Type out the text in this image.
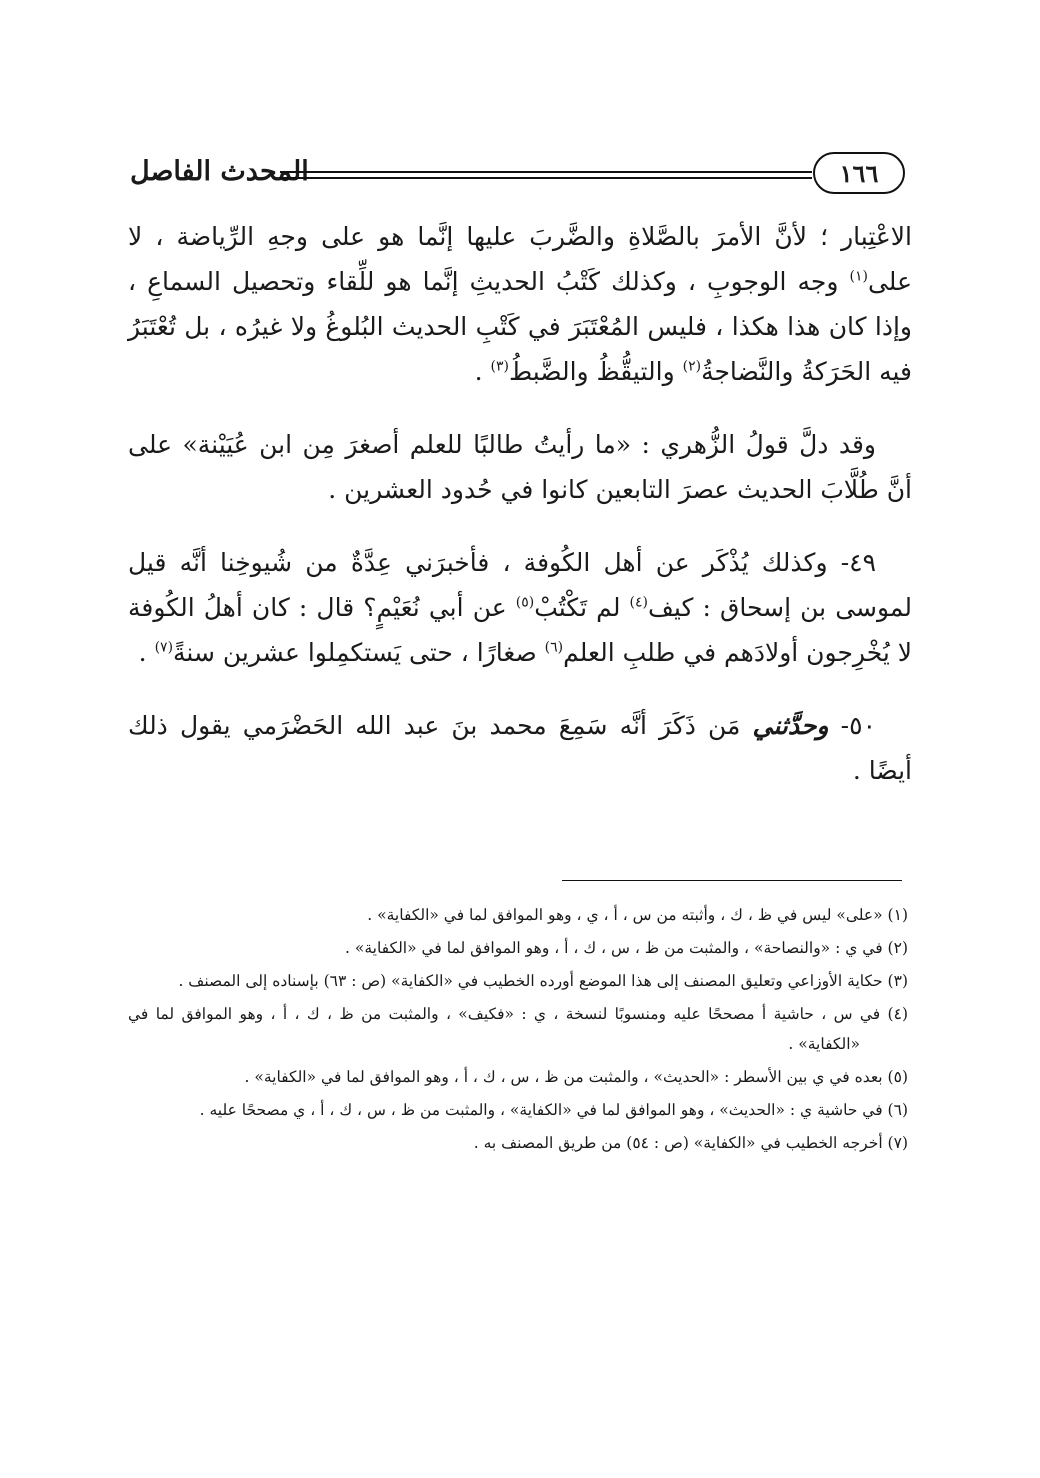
المحدث الفاصل	١٦٦

الاعْتِبار ؛ لأنَّ الأمرَ بالصَّلاةِ والضَّربَ عليها إنَّما هو على وجهِ الرِّياضة ، لا على$^{(١)}$ وجه الوجوبِ ، وكذلك كَتْبُ الحديثِ إنَّما هو للِّقاء وتحصيل السماعِ ، وإذا كان هذا هكذا ، فليس المُعْتَبَرَ في كَتْبِ الحديث البُلوغُ ولا غيرُه ، بل تُعْتَبَرُ فيه الحَرَكةُ والنَّضاجةُ$^{(٢)}$ والتيقُّظُ والضَّبطُ$^{(٣)}$ .

وقد دلَّ قولُ الزُّهري : «ما رأيتُ طالبًا للعلم أصغرَ مِن ابن عُيَيْنة» على أنَّ طُلَّابَ الحديث عصرَ التابعين كانوا في حُدود العشرين .

٤٩- وكذلك يُذْكَر عن أهل الكُوفة ، فأخبرَني عِدَّةٌ من شُيوخِنا أنَّه قيل لموسى بن إسحاق : كيف$^{(٤)}$ لم تَكْتُبْ$^{(٥)}$ عن أبي نُعَيْمٍ؟ قال : كان أهلُ الكُوفة لا يُخْرِجون أولادَهم في طلبِ العلم$^{(٦)}$ صغارًا ، حتى يَستكمِلوا عشرين سنةً$^{(٧)}$ .

٥٠- وحدَّثني مَن ذَكَرَ أنَّه سَمِعَ محمد بنَ عبد الله الحَضْرَمي يقول ذلك أيضًا .

(١) «على» ليس في ظ ، ك ، وأثبته من س ، أ ، ي ، وهو الموافق لما في «الكفاية» .

(٢) في ي : «والنصاحة» ، والمثبت من ظ ، س ، ك ، أ ، وهو الموافق لما في «الكفاية» .

(٣) حكاية الأوزاعي وتعليق المصنف إلى هذا الموضع أورده الخطيب في «الكفاية» (ص : ٦٣) بإسناده إلى المصنف .

(٤) في س ، حاشية أ مصححًا عليه ومنسوبًا لنسخة ، ي : «فكيف» ، والمثبت من ظ ، ك ، أ ، وهو الموافق لما في «الكفاية» .

(٥) بعده في ي بين الأسطر : «الحديث» ، والمثبت من ظ ، س ، ك ، أ ، وهو الموافق لما في «الكفاية» .

(٦) في حاشية ي : «الحديث» ، وهو الموافق لما في «الكفاية» ، والمثبت من ظ ، س ، ك ، أ ، ي مصححًا عليه .

(٧) أخرجه الخطيب في «الكفاية» (ص : ٥٤) من طريق المصنف به .
